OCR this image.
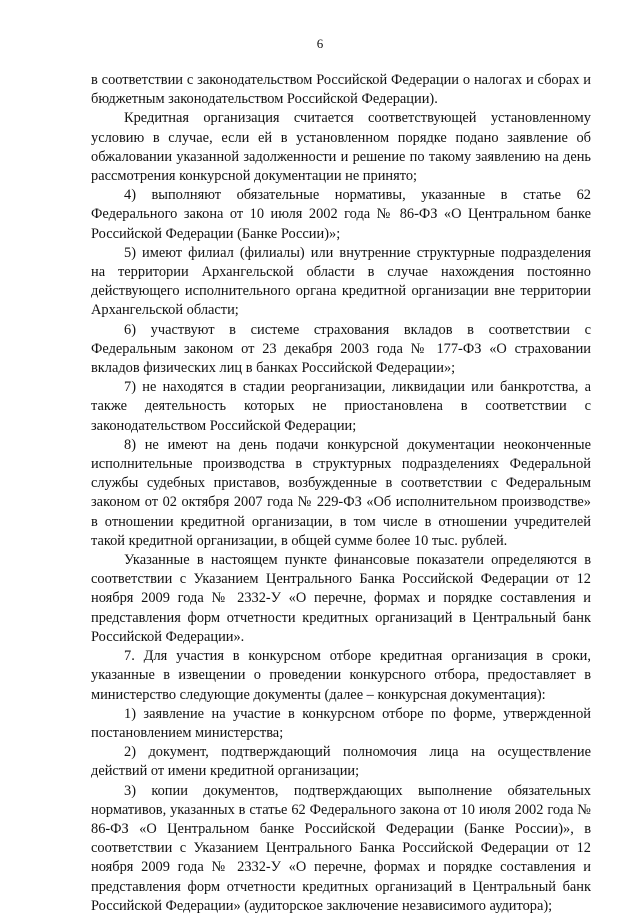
6

в соответствии с законодательством Российской Федерации о налогах и сборах и бюджетным законодательством Российской Федерации).

Кредитная организация считается соответствующей установленному условию в случае, если ей в установленном порядке подано заявление об обжаловании указанной задолженности и решение по такому заявлению на день рассмотрения конкурсной документации не принято;

4) выполняют обязательные нормативы, указанные в статье 62 Федерального закона от 10 июля 2002 года № 86-ФЗ «О Центральном банке Российской Федерации (Банке России)»;

5) имеют филиал (филиалы) или внутренние структурные подразделения на территории Архангельской области в случае нахождения постоянно действующего исполнительного органа кредитной организации вне территории Архангельской области;

6) участвуют в системе страхования вкладов в соответствии с Федеральным законом от 23 декабря 2003 года № 177-ФЗ «О страховании вкладов физических лиц в банках Российской Федерации»;

7) не находятся в стадии реорганизации, ликвидации или банкротства, а также деятельность которых не приостановлена в соответствии с законодательством Российской Федерации;

8) не имеют на день подачи конкурсной документации неоконченные исполнительные производства в структурных подразделениях Федеральной службы судебных приставов, возбужденные в соответствии с Федеральным законом от 02 октября 2007 года № 229-ФЗ «Об исполнительном производстве» в отношении кредитной организации, в том числе в отношении учредителей такой кредитной организации, в общей сумме более 10 тыс. рублей.

Указанные в настоящем пункте финансовые показатели определяются в соответствии с Указанием Центрального Банка Российской Федерации от 12 ноября 2009 года № 2332-У «О перечне, формах и порядке составления и представления форм отчетности кредитных организаций в Центральный банк Российской Федерации».

7. Для участия в конкурсном отборе кредитная организация в сроки, указанные в извещении о проведении конкурсного отбора, предоставляет в министерство следующие документы (далее – конкурсная документация):

1) заявление на участие в конкурсном отборе по форме, утвержденной постановлением министерства;

2) документ, подтверждающий полномочия лица на осуществление действий от имени кредитной организации;

3) копии документов, подтверждающих выполнение обязательных нормативов, указанных в статье 62 Федерального закона от 10 июля 2002 года № 86-ФЗ «О Центральном банке Российской Федерации (Банке России)», в соответствии с Указанием Центрального Банка Российской Федерации от 12 ноября 2009 года № 2332-У «О перечне, формах и порядке составления и представления форм отчетности кредитных организаций в Центральный банк Российской Федерации» (аудиторское заключение независимого аудитора);
